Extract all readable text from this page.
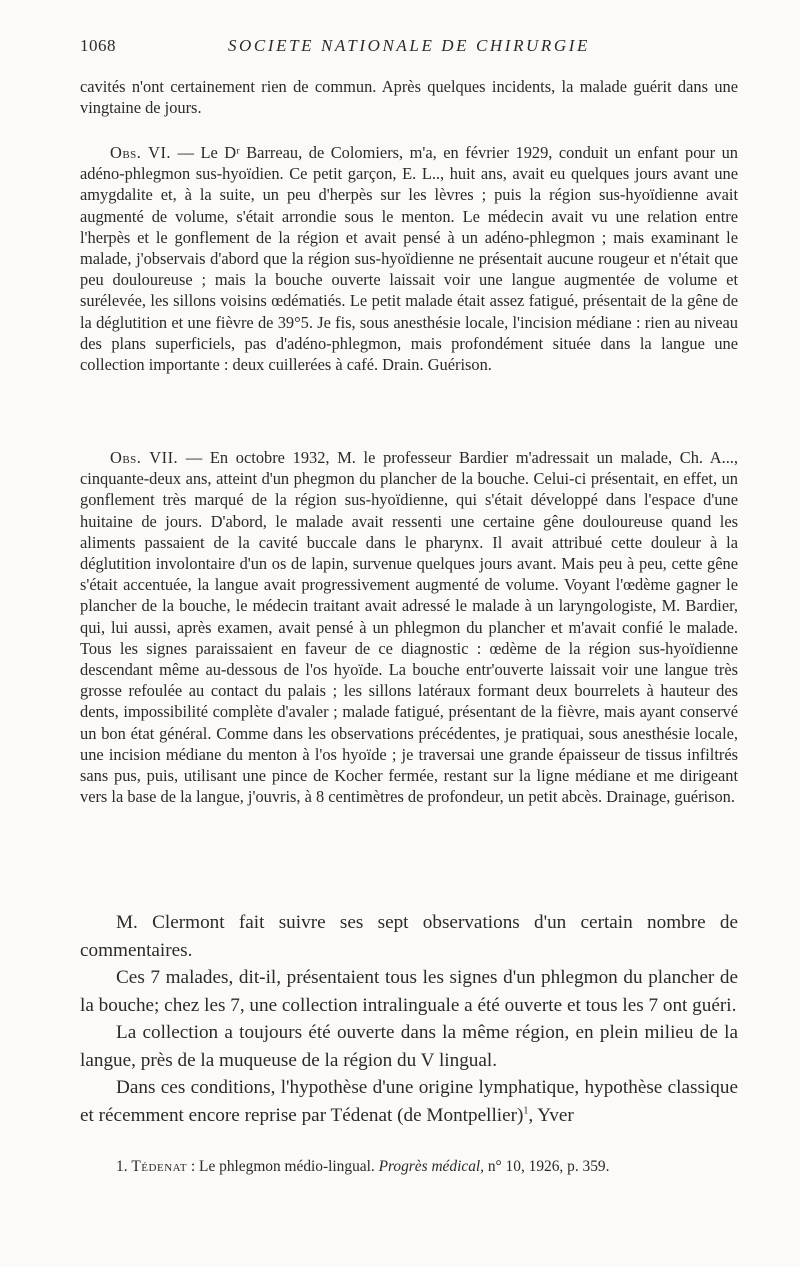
1068	SOCIETE NATIONALE DE CHIRURGIE

cavités n'ont certainement rien de commun. Après quelques incidents, la malade guérit dans une vingtaine de jours.

Obs. VI. — Le Dʳ Barreau, de Colomiers, m'a, en février 1929, conduit un enfant pour un adéno-phlegmon sus-hyoïdien. Ce petit garçon, E. L.., huit ans, avait eu quelques jours avant une amygdalite et, à la suite, un peu d'herpès sur les lèvres ; puis la région sus-hyoïdienne avait augmenté de volume, s'était arrondie sous le menton. Le médecin avait vu une relation entre l'herpès et le gonflement de la région et avait pensé à un adéno-phlegmon ; mais examinant le malade, j'observais d'abord que la région sus-hyoïdienne ne présentait aucune rougeur et n'était que peu douloureuse ; mais la bouche ouverte laissait voir une langue augmentée de volume et surélevée, les sillons voisins œdématiés. Le petit malade était assez fatigué, présentait de la gêne de la déglutition et une fièvre de 39°5. Je fis, sous anesthésie locale, l'incision médiane : rien au niveau des plans superficiels, pas d'adéno-phlegmon, mais profondément située dans la langue une collection importante : deux cuillerées à café. Drain. Guérison.

Obs. VII. — En octobre 1932, M. le professeur Bardier m'adressait un malade, Ch. A..., cinquante-deux ans, atteint d'un phegmon du plancher de la bouche. Celui-ci présentait, en effet, un gonflement très marqué de la région sus-hyoïdienne, qui s'était développé dans l'espace d'une huitaine de jours. D'abord, le malade avait ressenti une certaine gêne douloureuse quand les aliments passaient de la cavité buccale dans le pharynx. Il avait attribué cette douleur à la déglutition involontaire d'un os de lapin, survenue quelques jours avant. Mais peu à peu, cette gêne s'était accentuée, la langue avait progressivement augmenté de volume. Voyant l'œdème gagner le plancher de la bouche, le médecin traitant avait adressé le malade à un laryngologiste, M. Bardier, qui, lui aussi, après examen, avait pensé à un phlegmon du plancher et m'avait confié le malade. Tous les signes paraissaient en faveur de ce diagnostic : œdème de la région sus-hyoïdienne descendant même au-dessous de l'os hyoïde. La bouche entr'ouverte laissait voir une langue très grosse refoulée au contact du palais ; les sillons latéraux formant deux bourrelets à hauteur des dents, impossibilité complète d'avaler ; malade fatigué, présentant de la fièvre, mais ayant conservé un bon état général. Comme dans les observations précédentes, je pratiquai, sous anesthésie locale, une incision médiane du menton à l'os hyoïde ; je traversai une grande épaisseur de tissus infiltrés sans pus, puis, utilisant une pince de Kocher fermée, restant sur la ligne médiane et me dirigeant vers la base de la langue, j'ouvris, à 8 centimètres de profondeur, un petit abcès. Drainage, guérison.

M. Clermont fait suivre ses sept observations d'un certain nombre de commentaires.

Ces 7 malades, dit-il, présentaient tous les signes d'un phlegmon du plancher de la bouche; chez les 7, une collection intralinguale a été ouverte et tous les 7 ont guéri.

La collection a toujours été ouverte dans la même région, en plein milieu de la langue, près de la muqueuse de la région du V lingual.

Dans ces conditions, l'hypothèse d'une origine lymphatique, hypothèse classique et récemment encore reprise par Tédenat (de Montpellier)$^1$, Yver

1. Tédenat : Le phlegmon médio-lingual. Progrès médical, n° 10, 1926, p. 359.
